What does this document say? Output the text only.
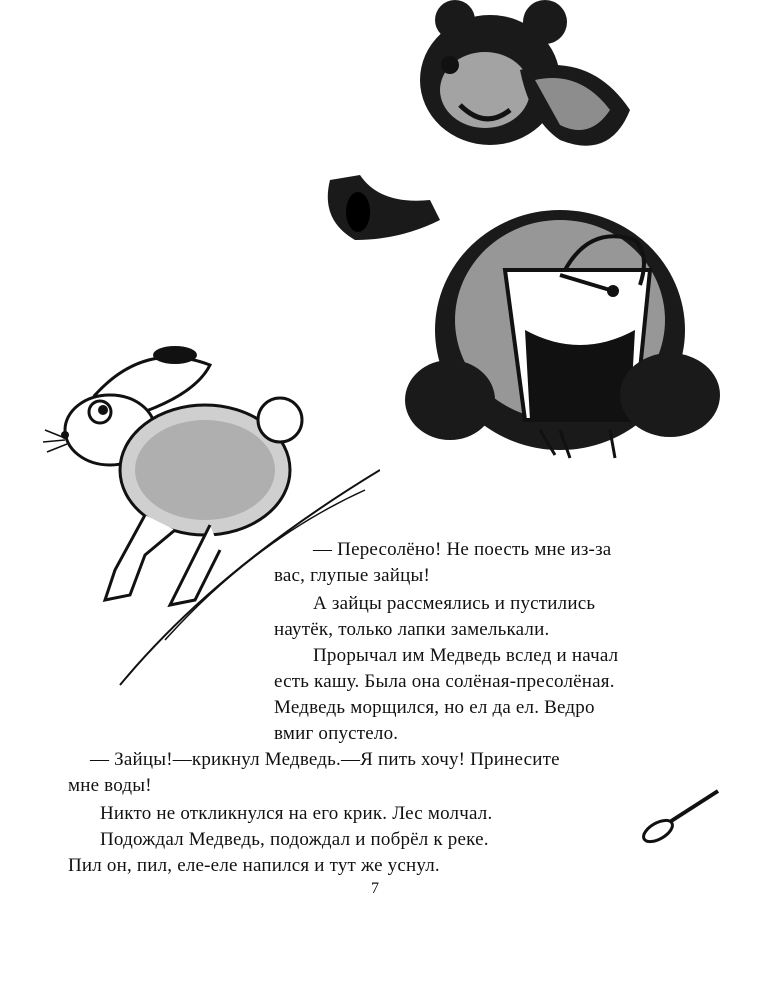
— Пересолёно! Не поесть мне из-за
вас, глупые зайцы!
А зайцы рассмеялись и пустились
наутёк, только лапки замелькали.
Прорычал им Медведь вслед и начал
есть кашу. Была она солёная-пресолёная.
Медведь морщился, но ел да ел. Ведро
вмиг опустело.
— Зайцы!—крикнул Медведь.—Я пить хочу! Принесите
мне воды!
Никто не откликнулся на его крик. Лес молчал.
Подождал Медведь, подождал и побрёл к реке.
Пил он, пил, еле-еле напился и тут же уснул.
7
